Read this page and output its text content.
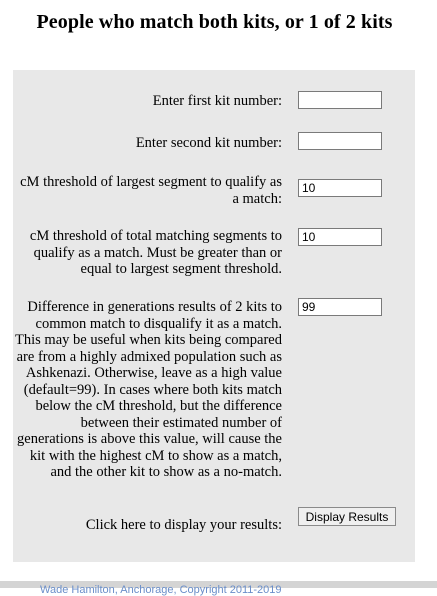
People who match both kits, or 1 of 2 kits
Enter first kit number:
Enter second kit number:
cM threshold of largest segment to qualify as a match:
10
cM threshold of total matching segments to qualify as a match. Must be greater than or equal to largest segment threshold.
10
Difference in generations results of 2 kits to common match to disqualify it as a match. This may be useful when kits being compared are from a highly admixed population such as Ashkenazi. Otherwise, leave as a high value (default=99). In cases where both kits match below the cM threshold, but the difference between their estimated number of generations is above this value, will cause the kit with the highest cM to show as a match, and the other kit to show as a no-match.
99
Click here to display your results:
Display Results
Wade Hamilton, Anchorage, Copyright 2011-2019
